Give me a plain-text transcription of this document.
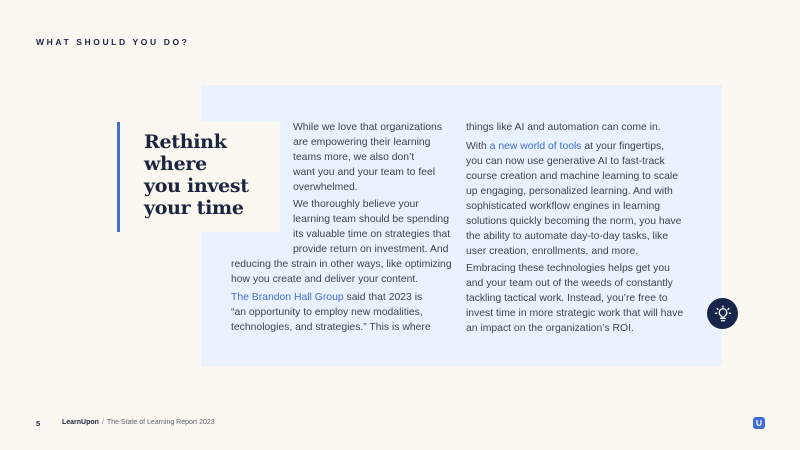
WHAT SHOULD YOU DO?
Rethink
where
you invest
your time
While we love that organizations
are empowering their learning
teams more, we also don’t
want you and your team to feel
overwhelmed.
We thoroughly believe your
learning team should be spending
its valuable time on strategies that
provide return on investment. And
reducing the strain in other ways, like optimizing
how you create and deliver your content.
The Brandon Hall Group said that 2023 is
“an opportunity to employ new modalities,
technologies, and strategies.” This is where
things like AI and automation can come in.
With a new world of tools at your fingertips,
you can now use generative AI to fast-track
course creation and machine learning to scale
up engaging, personalized learning. And with
sophisticated workflow engines in learning
solutions quickly becoming the norm, you have
the ability to automate day-to-day tasks, like
user creation, enrollments, and more.
Embracing these technologies helps get you
and your team out of the weeds of constantly
tackling tactical work. Instead, you’re free to
invest time in more strategic work that will have
an impact on the organization’s ROI.
5	LearnUpon / The State of Learning Report 2023
